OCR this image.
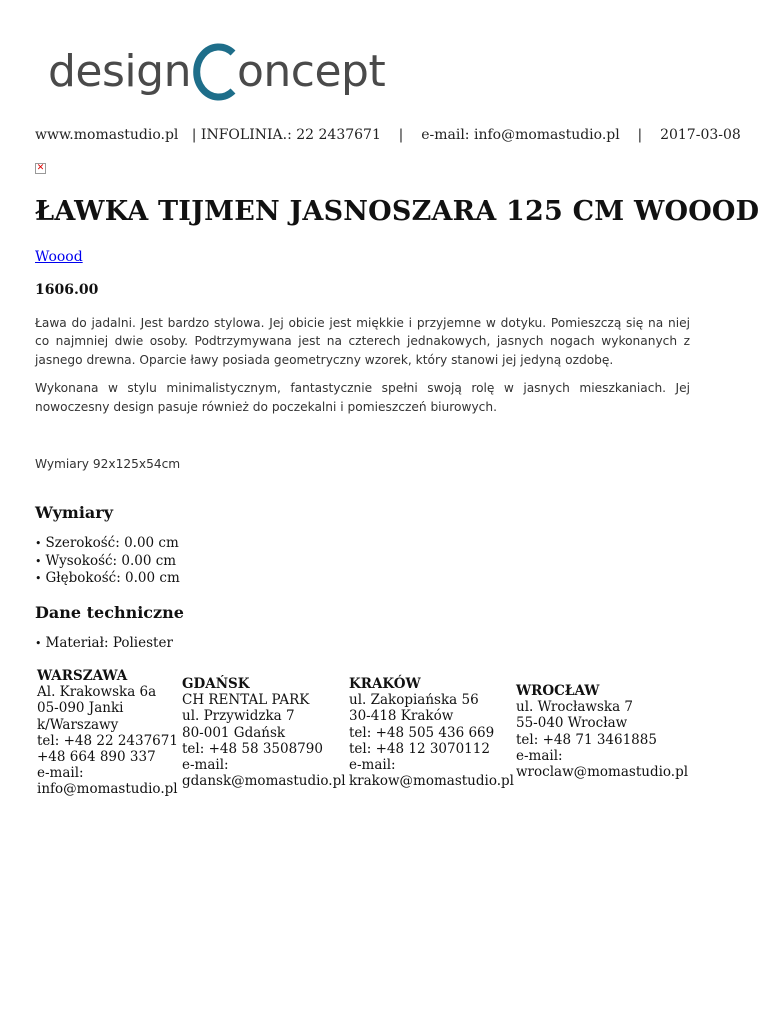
design oncept
www.momastudio.pl | INFOLINIA.: 22 2437671 | e-mail: info@momastudio.pl | 2017-03-08
✕
ŁAWKA TIJMEN JASNOSZARA 125 CM WOOOD
Woood
1606.00

Ława do jadalni. Jest bardzo stylowa. Jej obicie jest miękkie i przyjemne w dotyku. Pomieszczą się na niej co najmniej dwie osoby. Podtrzymywana jest na czterech jednakowych, jasnych nogach wykonanych z jasnego drewna. Oparcie ławy posiada geometryczny wzorek, który stanowi jej jedyną ozdobę.

Wykonana w stylu minimalistycznym, fantastycznie spełni swoją rolę w jasnych mieszkaniach. Jej nowoczesny design pasuje również do poczekalni i pomieszczeń biurowych.

Wymiary 92x125x54cm
Wymiary
• Szerokość: 0.00 cm
• Wysokość: 0.00 cm
• Głębokość: 0.00 cm
Dane techniczne
• Materiał: Poliester
WARSZAWA
Al. Krakowska 6a
05-090 Janki
k/Warszawy
tel: +48 22 2437671
+48 664 890 337
e-mail:
info@momastudio.pl
GDAŃSK
CH RENTAL PARK
ul. Przywidzka 7
80-001 Gdańsk
tel: +48 58 3508790
e-mail:
gdansk@momastudio.pl
KRAKÓW
ul. Zakopiańska 56
30-418 Kraków
tel: +48 505 436 669
tel: +48 12 3070112
e-mail:
krakow@momastudio.pl
WROCŁAW
ul. Wrocławska 7
55-040 Wrocław
tel: +48 71 3461885
e-mail:
wroclaw@momastudio.pl
